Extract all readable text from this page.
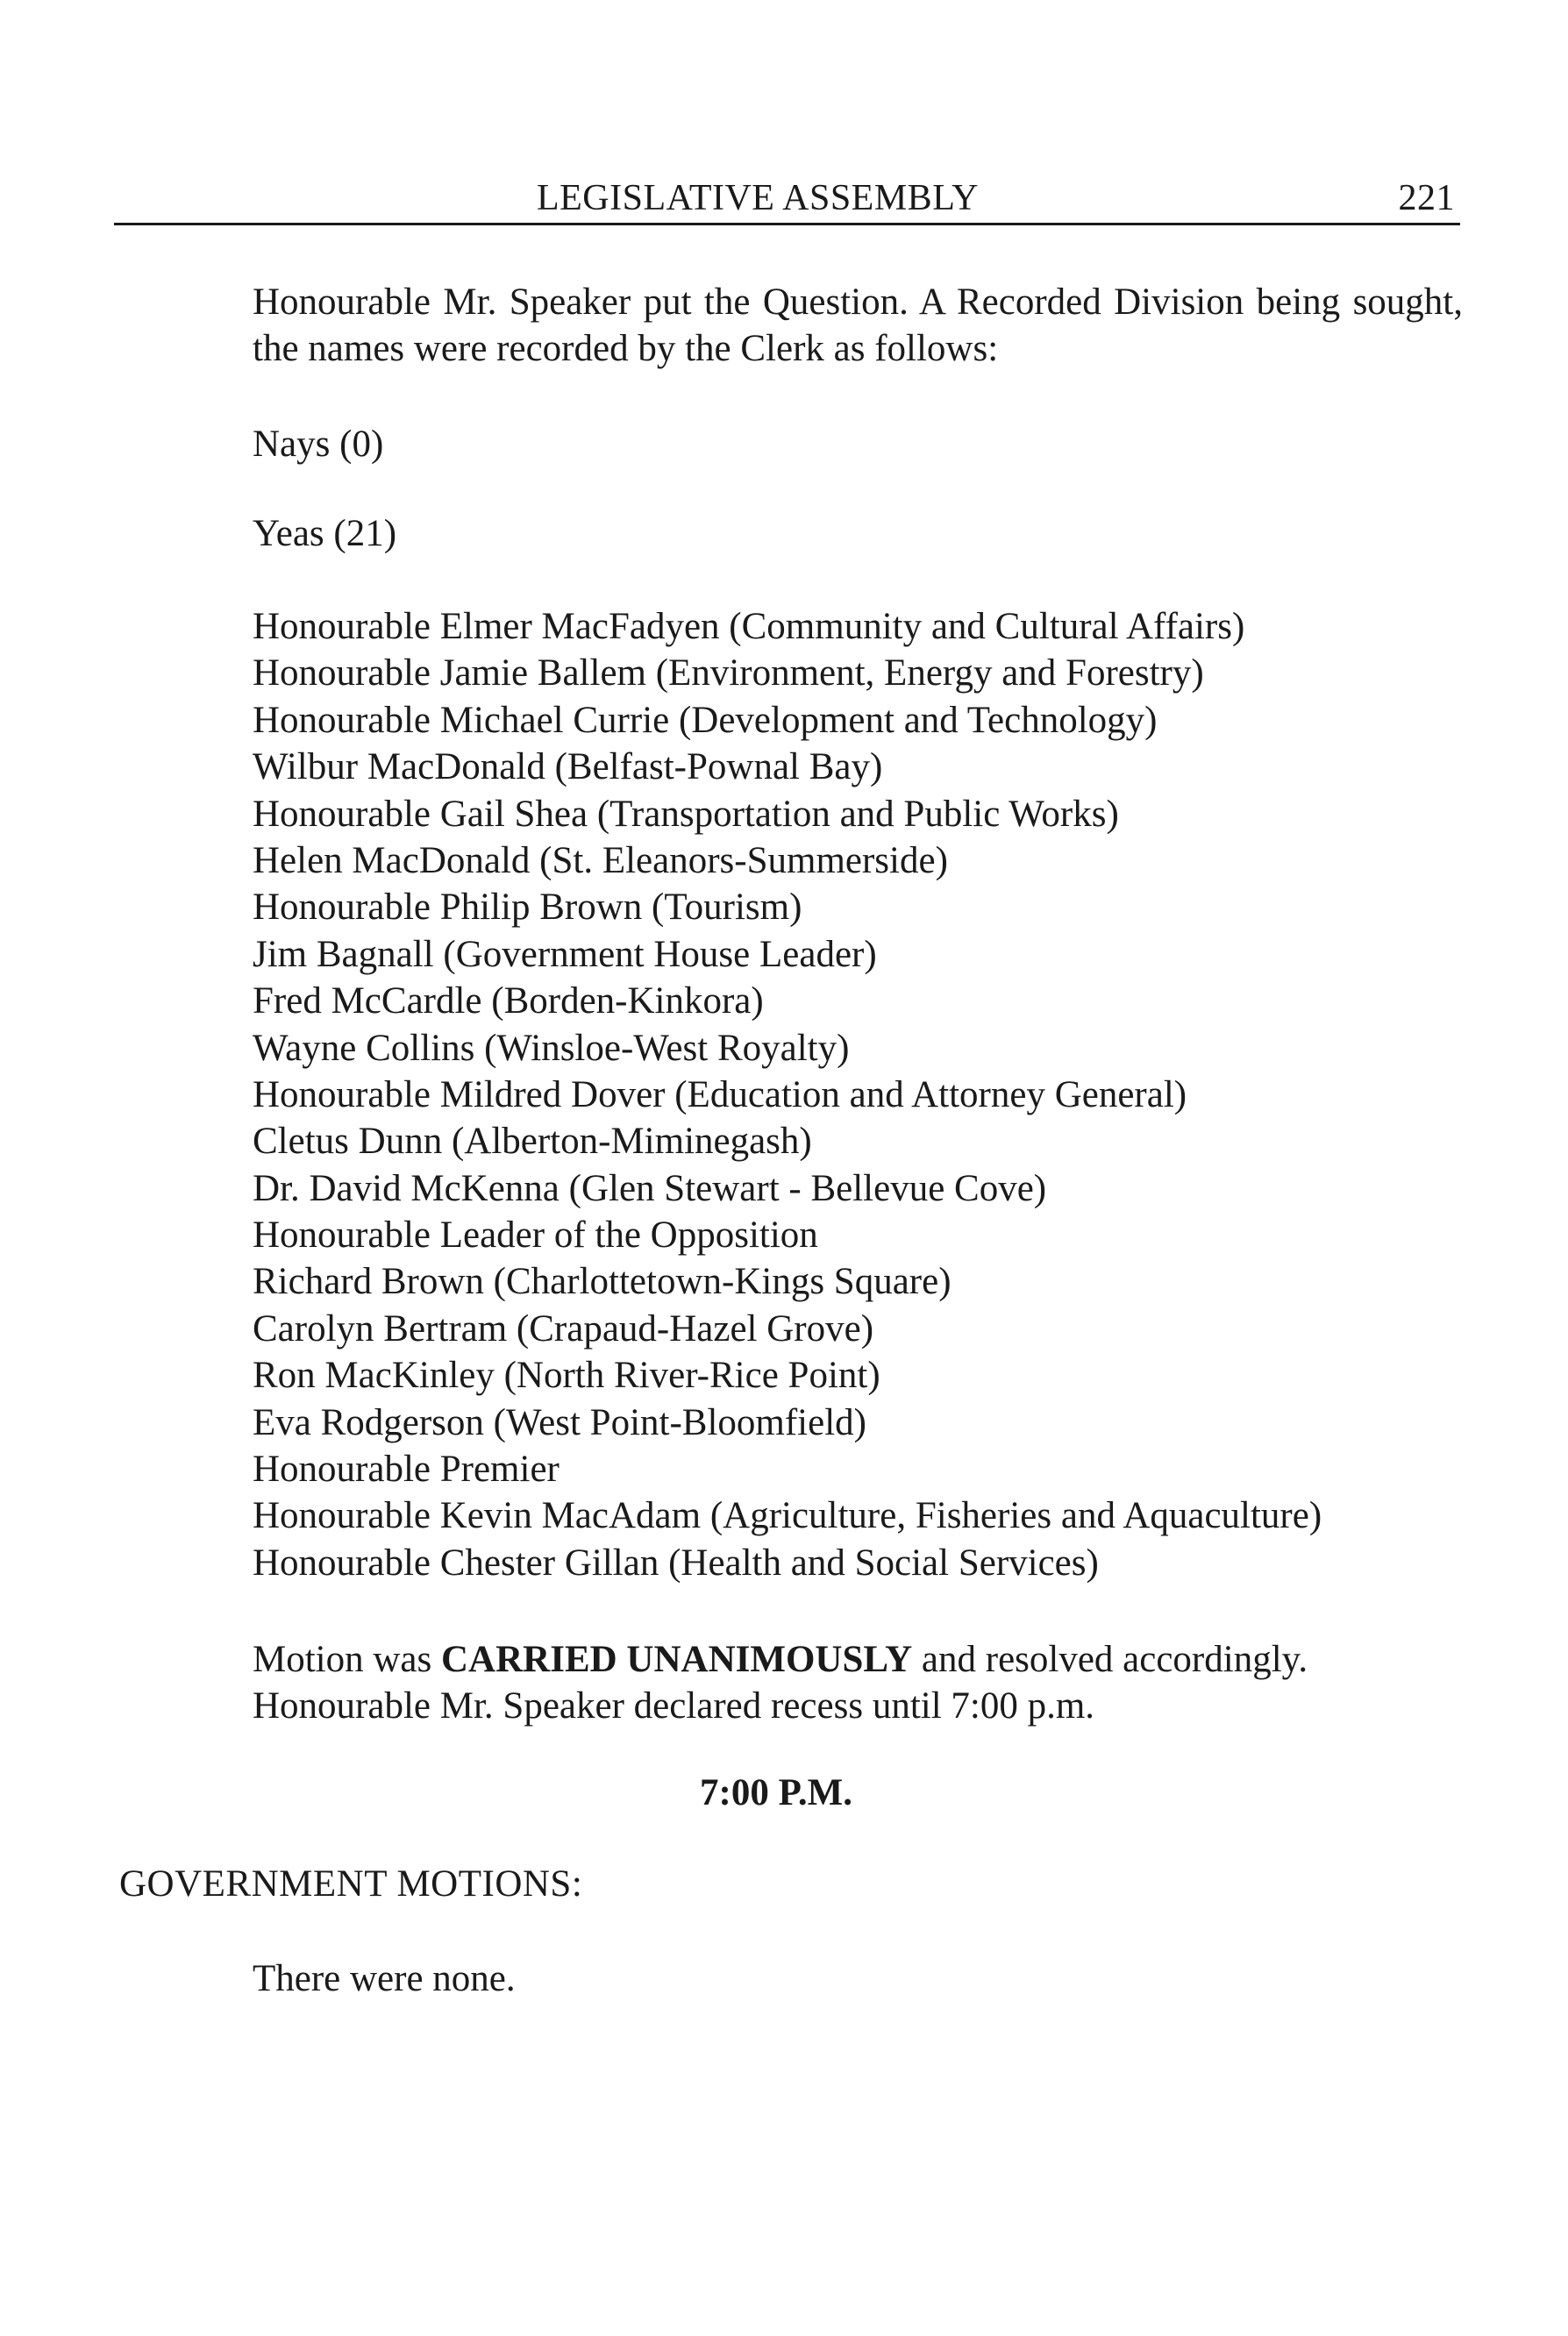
LEGISLATIVE ASSEMBLY	221
Honourable Mr. Speaker put the Question. A Recorded Division being sought, the names were recorded by the Clerk as follows:
Nays (0)
Yeas (21)
Honourable Elmer MacFadyen (Community and Cultural Affairs)
Honourable Jamie Ballem (Environment, Energy and Forestry)
Honourable Michael Currie (Development and Technology)
Wilbur MacDonald (Belfast-Pownal Bay)
Honourable Gail Shea (Transportation and Public Works)
Helen MacDonald (St. Eleanors-Summerside)
Honourable Philip Brown (Tourism)
Jim Bagnall (Government House Leader)
Fred McCardle (Borden-Kinkora)
Wayne Collins (Winsloe-West Royalty)
Honourable Mildred Dover (Education and Attorney General)
Cletus Dunn (Alberton-Miminegash)
Dr. David McKenna (Glen Stewart - Bellevue Cove)
Honourable Leader of the Opposition
Richard Brown (Charlottetown-Kings Square)
Carolyn Bertram (Crapaud-Hazel Grove)
Ron MacKinley (North River-Rice Point)
Eva Rodgerson (West Point-Bloomfield)
Honourable Premier
Honourable Kevin MacAdam (Agriculture, Fisheries and Aquaculture)
Honourable Chester Gillan (Health and Social Services)
Motion was CARRIED UNANIMOUSLY and resolved accordingly.
Honourable Mr. Speaker declared recess until 7:00 p.m.
7:00 P.M.
GOVERNMENT MOTIONS:
There were none.
